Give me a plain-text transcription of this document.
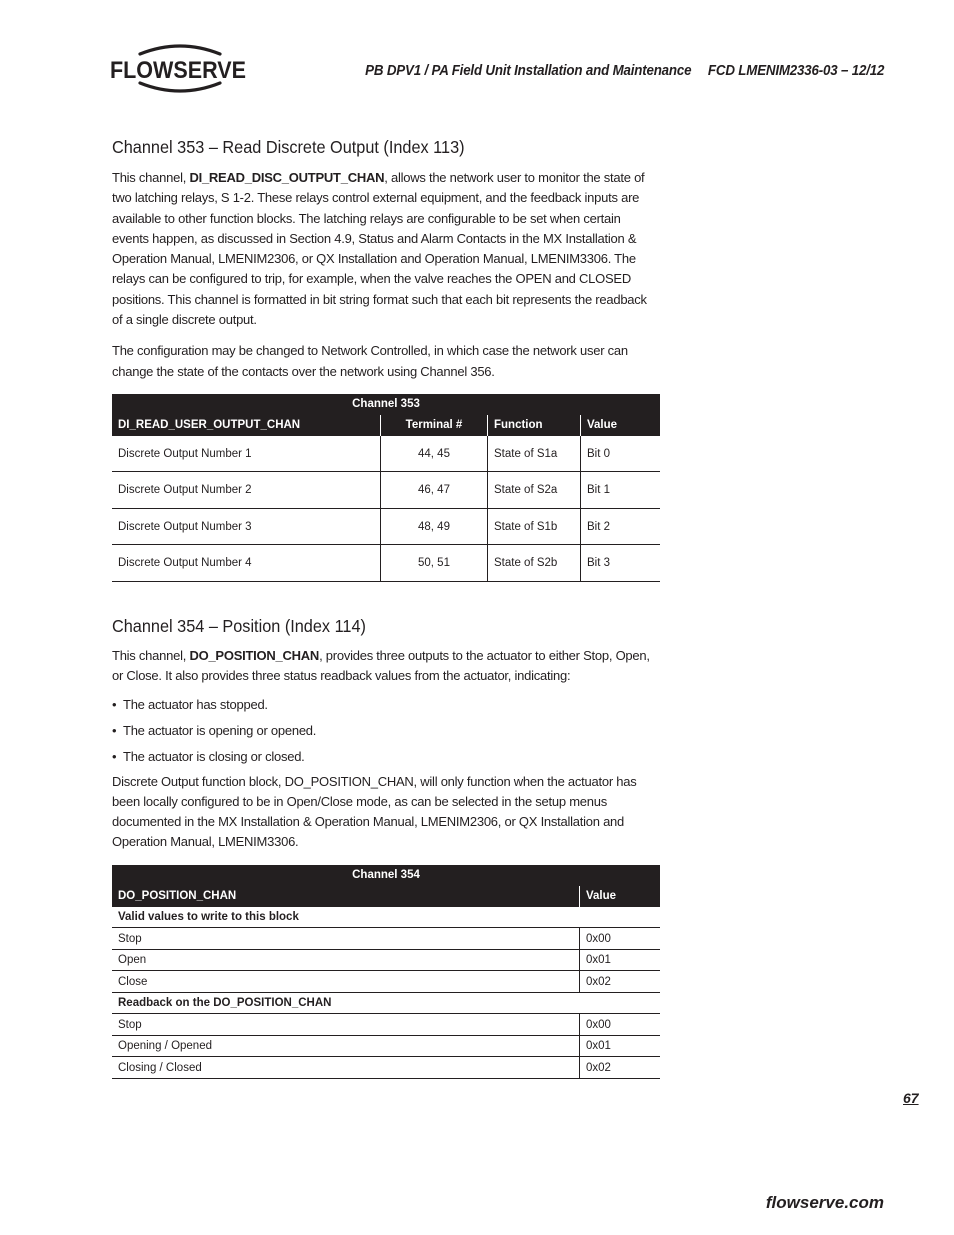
FLOWSERVE	PB DPV1 / PA Field Unit Installation and Maintenance FCD LMENIM2336-03 – 12/12
Channel 353 – Read Discrete Output (Index 113)

This channel, DI_READ_DISC_OUTPUT_CHAN, allows the network user to monitor the state of two latching relays, S 1-2. These relays control external equipment, and the feedback inputs are available to other function blocks. The latching relays are configurable to be set when certain events happen, as discussed in Section 4.9, Status and Alarm Contacts in the MX Installation & Operation Manual, LMENIM2306, or QX Installation and Operation Manual, LMENIM3306. The relays can be configured to trip, for example, when the valve reaches the OPEN and CLOSED positions. This channel is formatted in bit string format such that each bit represents the readback of a single discrete output.

The configuration may be changed to Network Controlled, in which case the network user can change the state of the contacts over the network using Channel 356.

Channel 353			
DI_READ_USER_OUTPUT_CHAN	Terminal #	Function	Value
Discrete Output Number 1	44, 45	State of S1a	Bit 0
Discrete Output Number 2	46, 47	State of S2a	Bit 1
Discrete Output Number 3	48, 49	State of S1b	Bit 2
Discrete Output Number 4	50, 51	State of S2b	Bit 3
Channel 354 – Position (Index 114)

This channel, DO_POSITION_CHAN, provides three outputs to the actuator to either Stop, Open, or Close. It also provides three status readback values from the actuator, indicating:

• The actuator has stopped.
• The actuator is opening or opened.
• The actuator is closing or closed.

Discrete Output function block, DO_POSITION_CHAN, will only function when the actuator has been locally configured to be in Open/Close mode, as can be selected in the setup menus documented in the MX Installation & Operation Manual, LMENIM2306, or QX Installation and Operation Manual, LMENIM3306.

Channel 354	
DO_POSITION_CHAN	Value
Valid values to write to this block	
Stop	0x00
Open	0x01
Close	0x02
Readback on the DO_POSITION_CHAN	
Stop	0x00
Opening / Opened	0x01
Closing / Closed	0x02
67
flowserve.com
